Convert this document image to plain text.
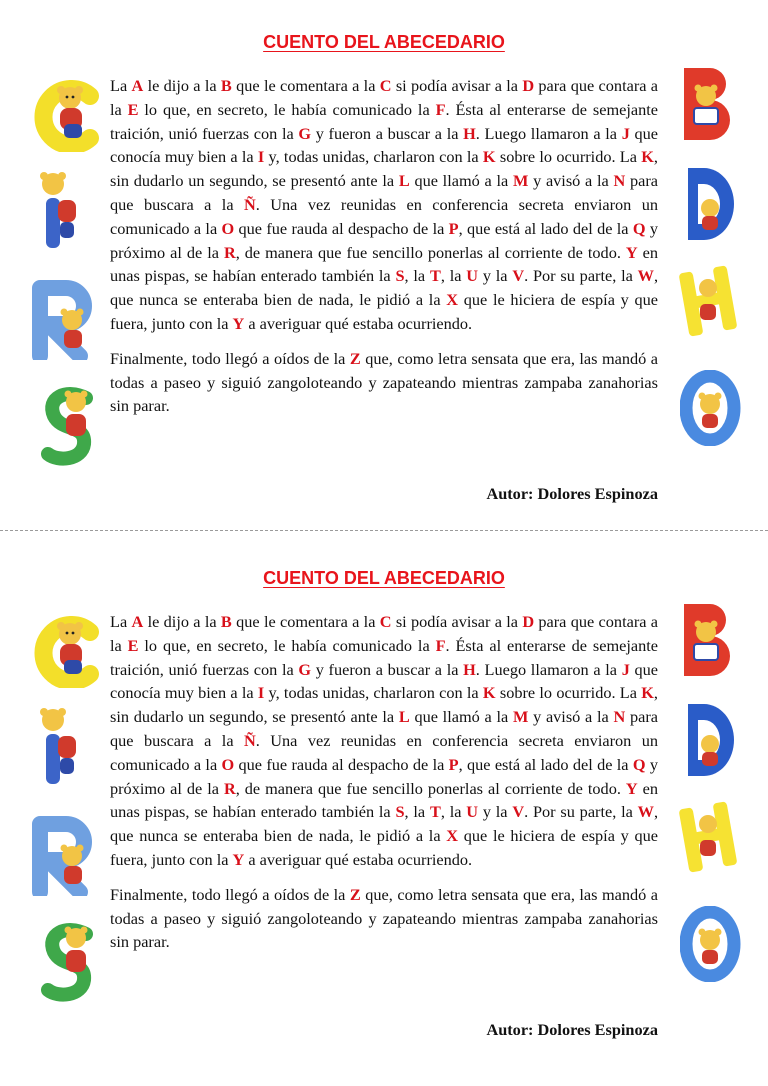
CUENTO DEL ABECEDARIO

La A le dijo a la B que le comentara a la C si podía avisar a la D para que contara a la E lo que, en secreto, le había comunicado la F. Ésta al enterarse de semejante traición, unió fuerzas con la G y fueron a buscar a la H. Luego llamaron a la J que conocía muy bien a la I y, todas unidas, charlaron con la K sobre lo ocurrido. La K, sin dudarlo un segundo, se presentó ante la L que llamó a la M y avisó a la N para que buscara a la Ñ. Una vez reunidas en conferencia secreta enviaron un comunicado a la O que fue rauda al despacho de la P, que está al lado del de la Q y próximo al de la R, de manera que fue sencillo ponerlas al corriente de todo. Y en unas pispas, se habían enterado también la S, la T, la U y la V. Por su parte, la W, que nunca se enteraba bien de nada, le pidió a la X que le hiciera de espía y que fuera, junto con la Y a averiguar qué estaba ocurriendo.

Finalmente, todo llegó a oídos de la Z que, como letra sensata que era, las mandó a todas a paseo y siguió zangoloteando y zapateando mientras zampaba zanahorias sin parar.

Autor: Dolores Espinoza
CUENTO DEL ABECEDARIO

La A le dijo a la B que le comentara a la C si podía avisar a la D para que contara a la E lo que, en secreto, le había comunicado la F. Ésta al enterarse de semejante traición, unió fuerzas con la G y fueron a buscar a la H. Luego llamaron a la J que conocía muy bien a la I y, todas unidas, charlaron con la K sobre lo ocurrido. La K, sin dudarlo un segundo, se presentó ante la L que llamó a la M y avisó a la N para que buscara a la Ñ. Una vez reunidas en conferencia secreta enviaron un comunicado a la O que fue rauda al despacho de la P, que está al lado del de la Q y próximo al de la R, de manera que fue sencillo ponerlas al corriente de todo. Y en unas pispas, se habían enterado también la S, la T, la U y la V. Por su parte, la W, que nunca se enteraba bien de nada, le pidió a la X que le hiciera de espía y que fuera, junto con la Y a averiguar qué estaba ocurriendo.

Finalmente, todo llegó a oídos de la Z que, como letra sensata que era, las mandó a todas a paseo y siguió zangoloteando y zapateando mientras zampaba zanahorias sin parar.

Autor: Dolores Espinoza
